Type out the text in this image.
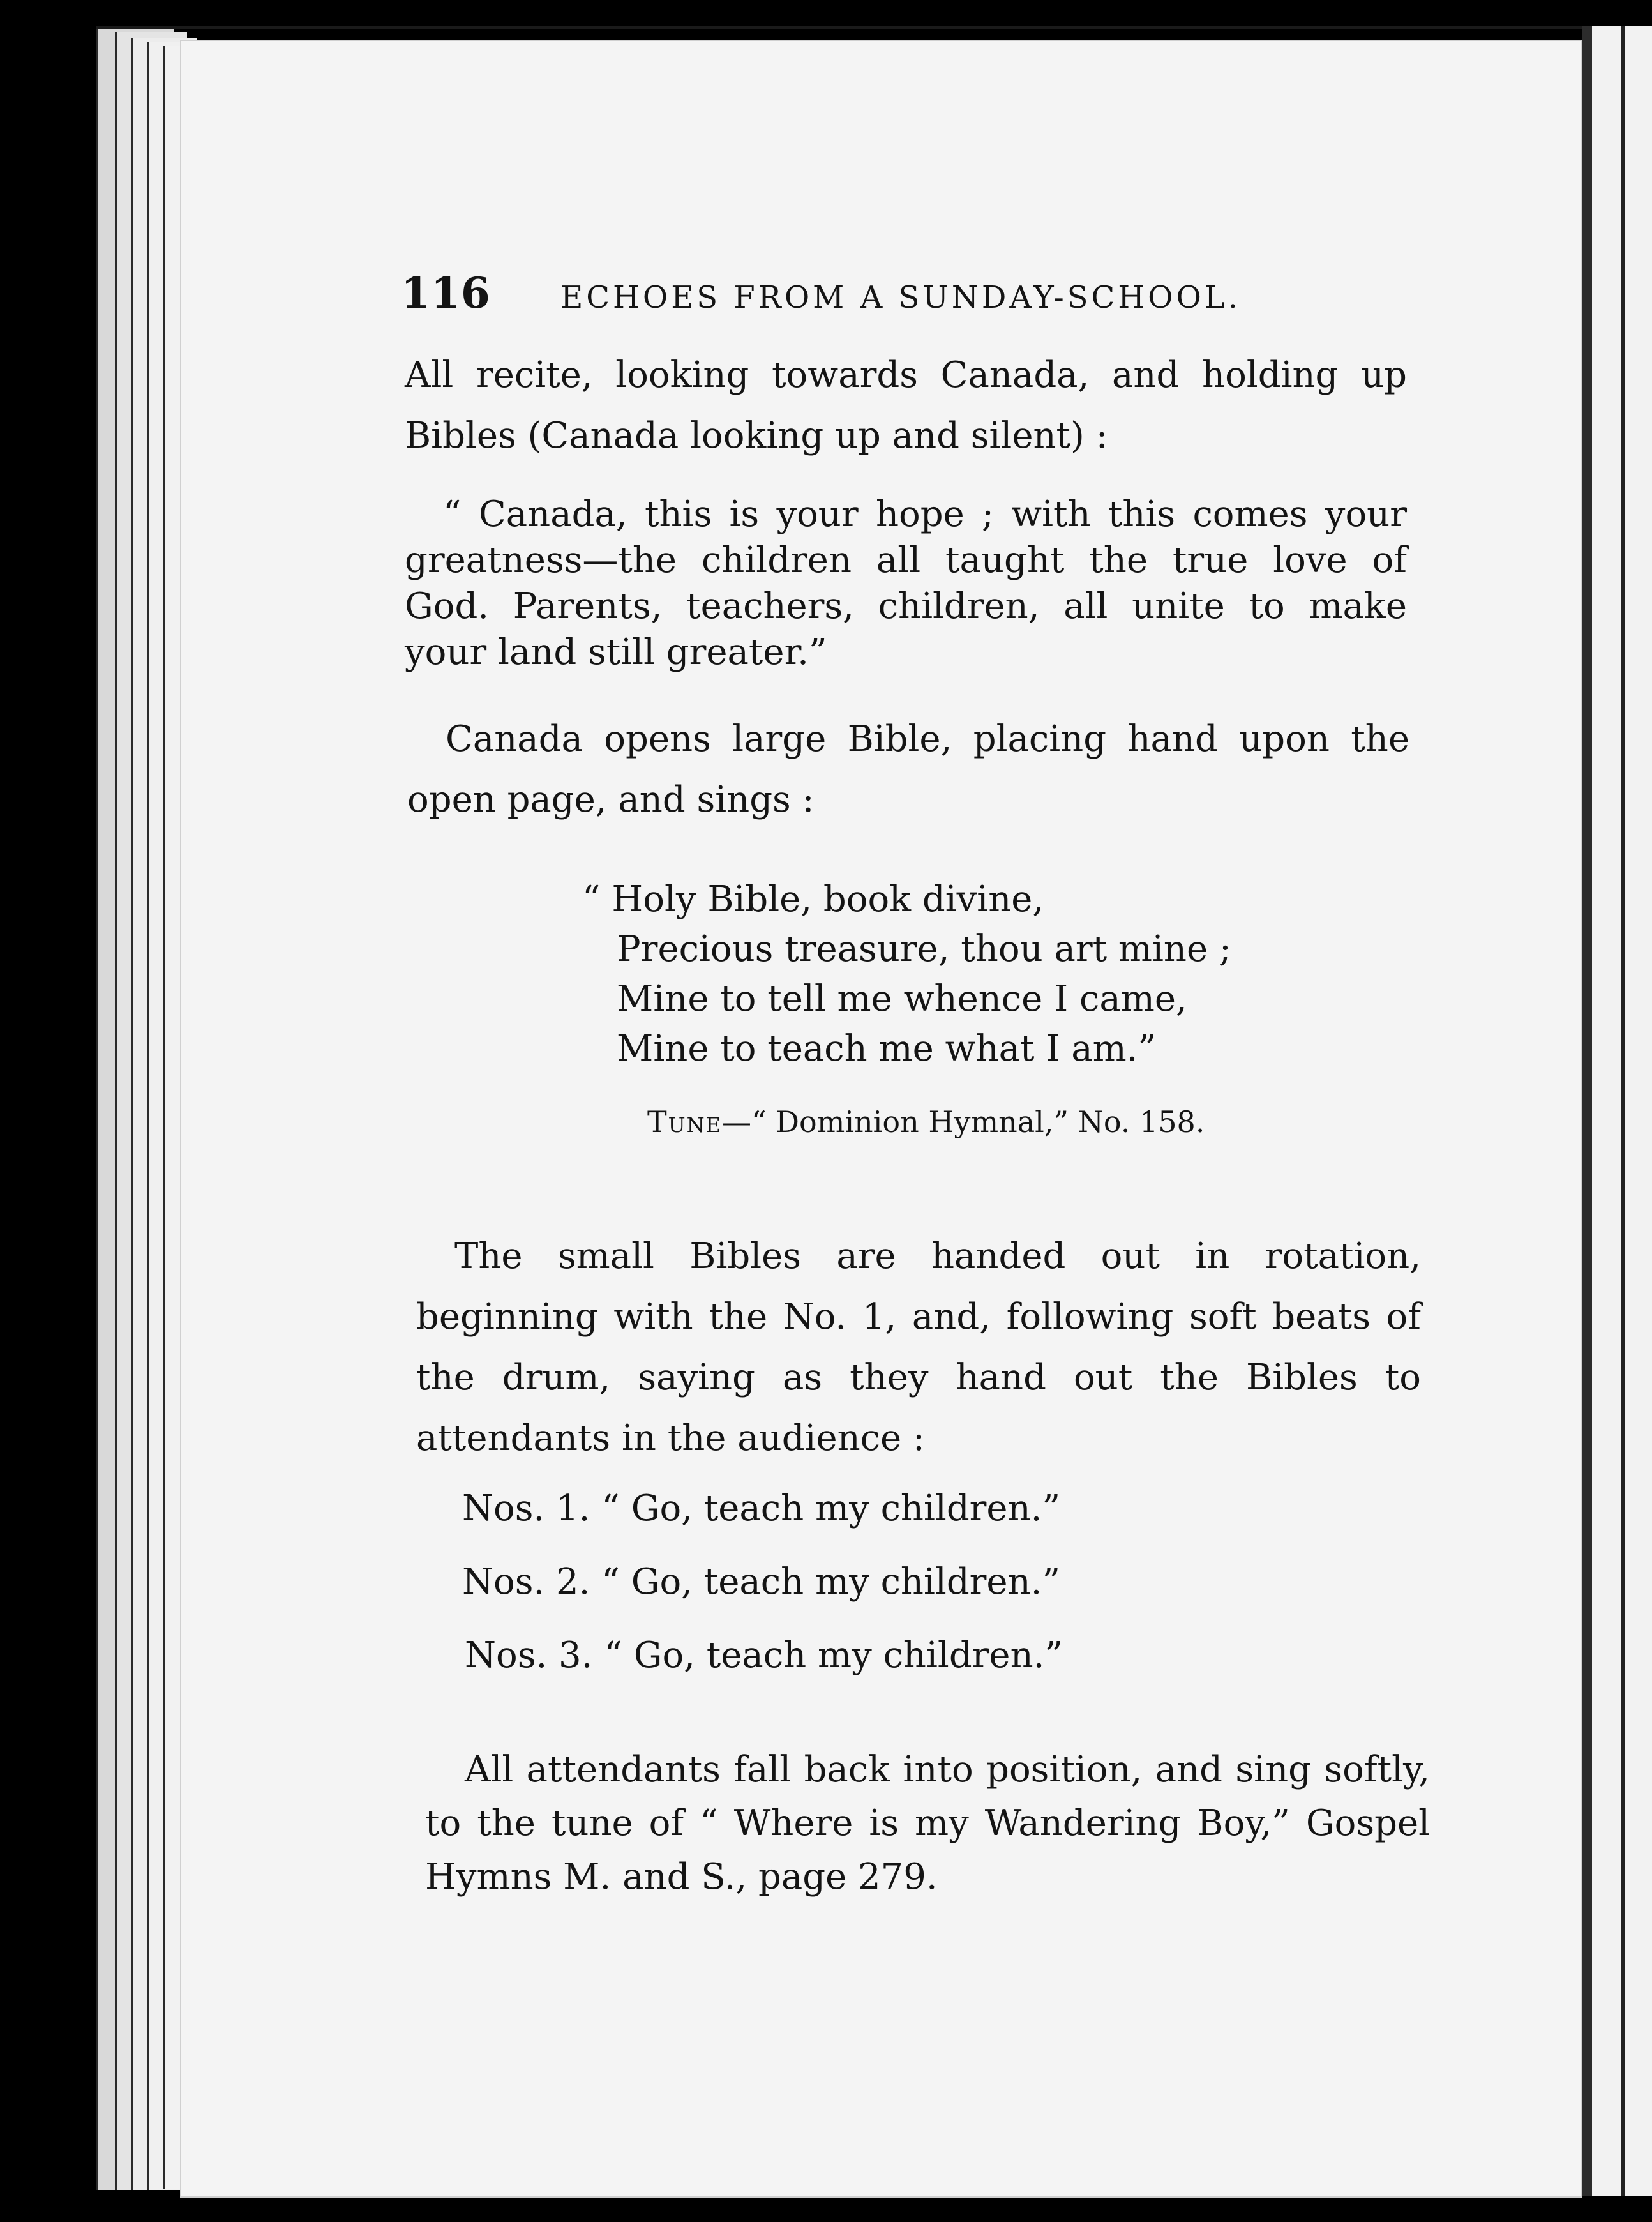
116 ECHOES FROM A SUNDAY-SCHOOL.
All recite, looking towards Canada, and holding up Bibles (Canada looking up and silent) :
“ Canada, this is your hope ; with this comes your greatness—the children all taught the true love of God. Parents, teachers, children, all unite to make your land still greater.”
Canada opens large Bible, placing hand upon the open page, and sings :
“ Holy Bible, book divine,
Precious treasure, thou art mine ;
Mine to tell me whence I came,
Mine to teach me what I am.”
Tune—“ Dominion Hymnal,” No. 158.
The small Bibles are handed out in rotation, beginning with the No. 1, and, following soft beats of the drum, saying as they hand out the Bibles to attendants in the audience :
Nos. 1. “ Go, teach my children.”
Nos. 2. “ Go, teach my children.”
Nos. 3. “ Go, teach my children.”
All attendants fall back into position, and sing softly, to the tune of “ Where is my Wandering Boy,” Gospel Hymns M. and S., page 279.
